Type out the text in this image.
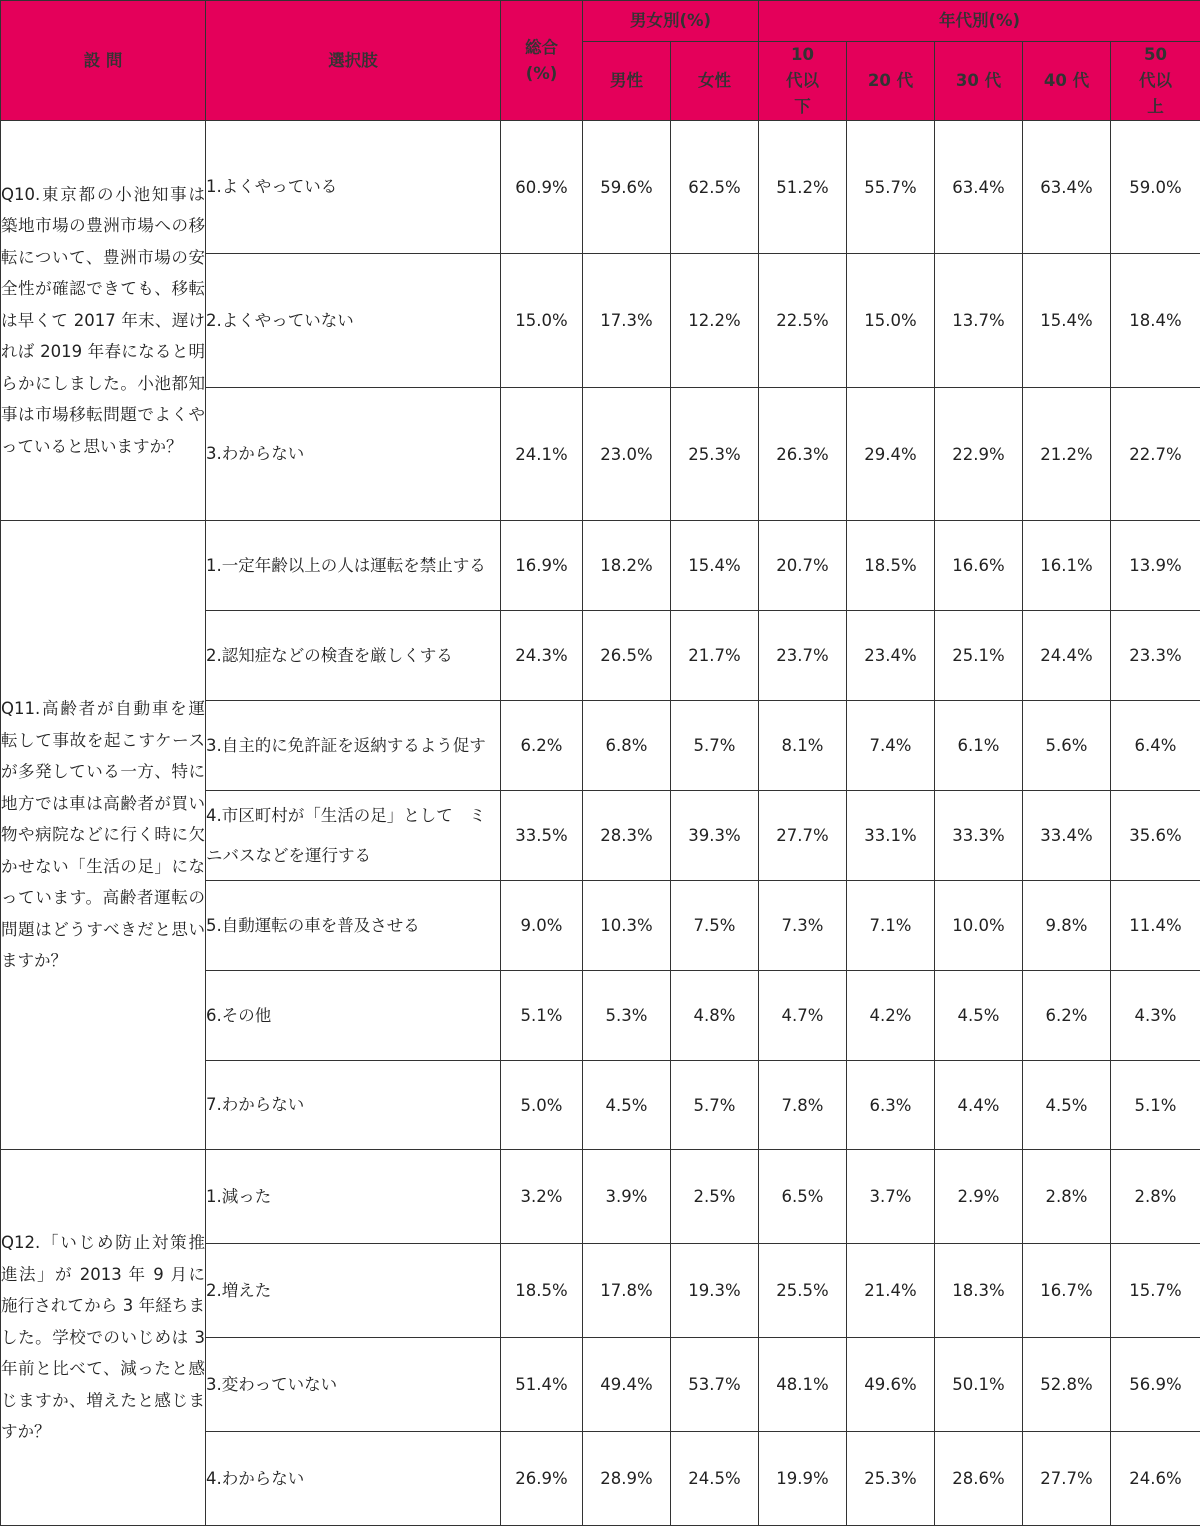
設 問	選択肢	総合(%)	男女別(%)		年代別(%)				
			男性	女性	10 代以下	20 代	30 代	40 代	50 代以上
Q10.東京都の小池知事は築地市場の豊洲市場への移転について、豊洲市場の安全性が確認できても、移転は早くて 2017 年末、遅ければ 2019 年春になると明らかにしました。小池都知事は市場移転問題でよくやっていると思いますか？	1.よくやっている	60.9%	59.6%	62.5%	51.2%	55.7%	63.4%	63.4%	59.0%
	2.よくやっていない	15.0%	17.3%	12.2%	22.5%	15.0%	13.7%	15.4%	18.4%
	3.わからない	24.1%	23.0%	25.3%	26.3%	29.4%	22.9%	21.2%	22.7%
Q11.高齢者が自動車を運転して事故を起こすケースが多発している一方、特に地方では車は高齢者が買い物や病院などに行く時に欠かせない「生活の足」になっています。高齢者運転の問題はどうすべきだと思いますか？	1.一定年齢以上の人は運転を禁止する	16.9%	18.2%	15.4%	20.7%	18.5%	16.6%	16.1%	13.9%
	2.認知症などの検査を厳しくする	24.3%	26.5%	21.7%	23.7%	23.4%	25.1%	24.4%	23.3%
	3.自主的に免許証を返納するよう促す	6.2%	6.8%	5.7%	8.1%	7.4%	6.1%	5.6%	6.4%
	4.市区町村が「生活の足」として　ミニバスなどを運行する	33.5%	28.3%	39.3%	27.7%	33.1%	33.3%	33.4%	35.6%
	5.自動運転の車を普及させる	9.0%	10.3%	7.5%	7.3%	7.1%	10.0%	9.8%	11.4%
	6.その他	5.1%	5.3%	4.8%	4.7%	4.2%	4.5%	6.2%	4.3%
	7.わからない	5.0%	4.5%	5.7%	7.8%	6.3%	4.4%	4.5%	5.1%
Q12.「いじめ防止対策推進法」が 2013 年 9 月に施行されてから 3 年経ちました。学校でのいじめは 3 年前と比べて、減ったと感じますか、増えたと感じますか？	1.減った	3.2%	3.9%	2.5%	6.5%	3.7%	2.9%	2.8%	2.8%
	2.増えた	18.5%	17.8%	19.3%	25.5%	21.4%	18.3%	16.7%	15.7%
	3.変わっていない	51.4%	49.4%	53.7%	48.1%	49.6%	50.1%	52.8%	56.9%
	4.わからない	26.9%	28.9%	24.5%	19.9%	25.3%	28.6%	27.7%	24.6%
